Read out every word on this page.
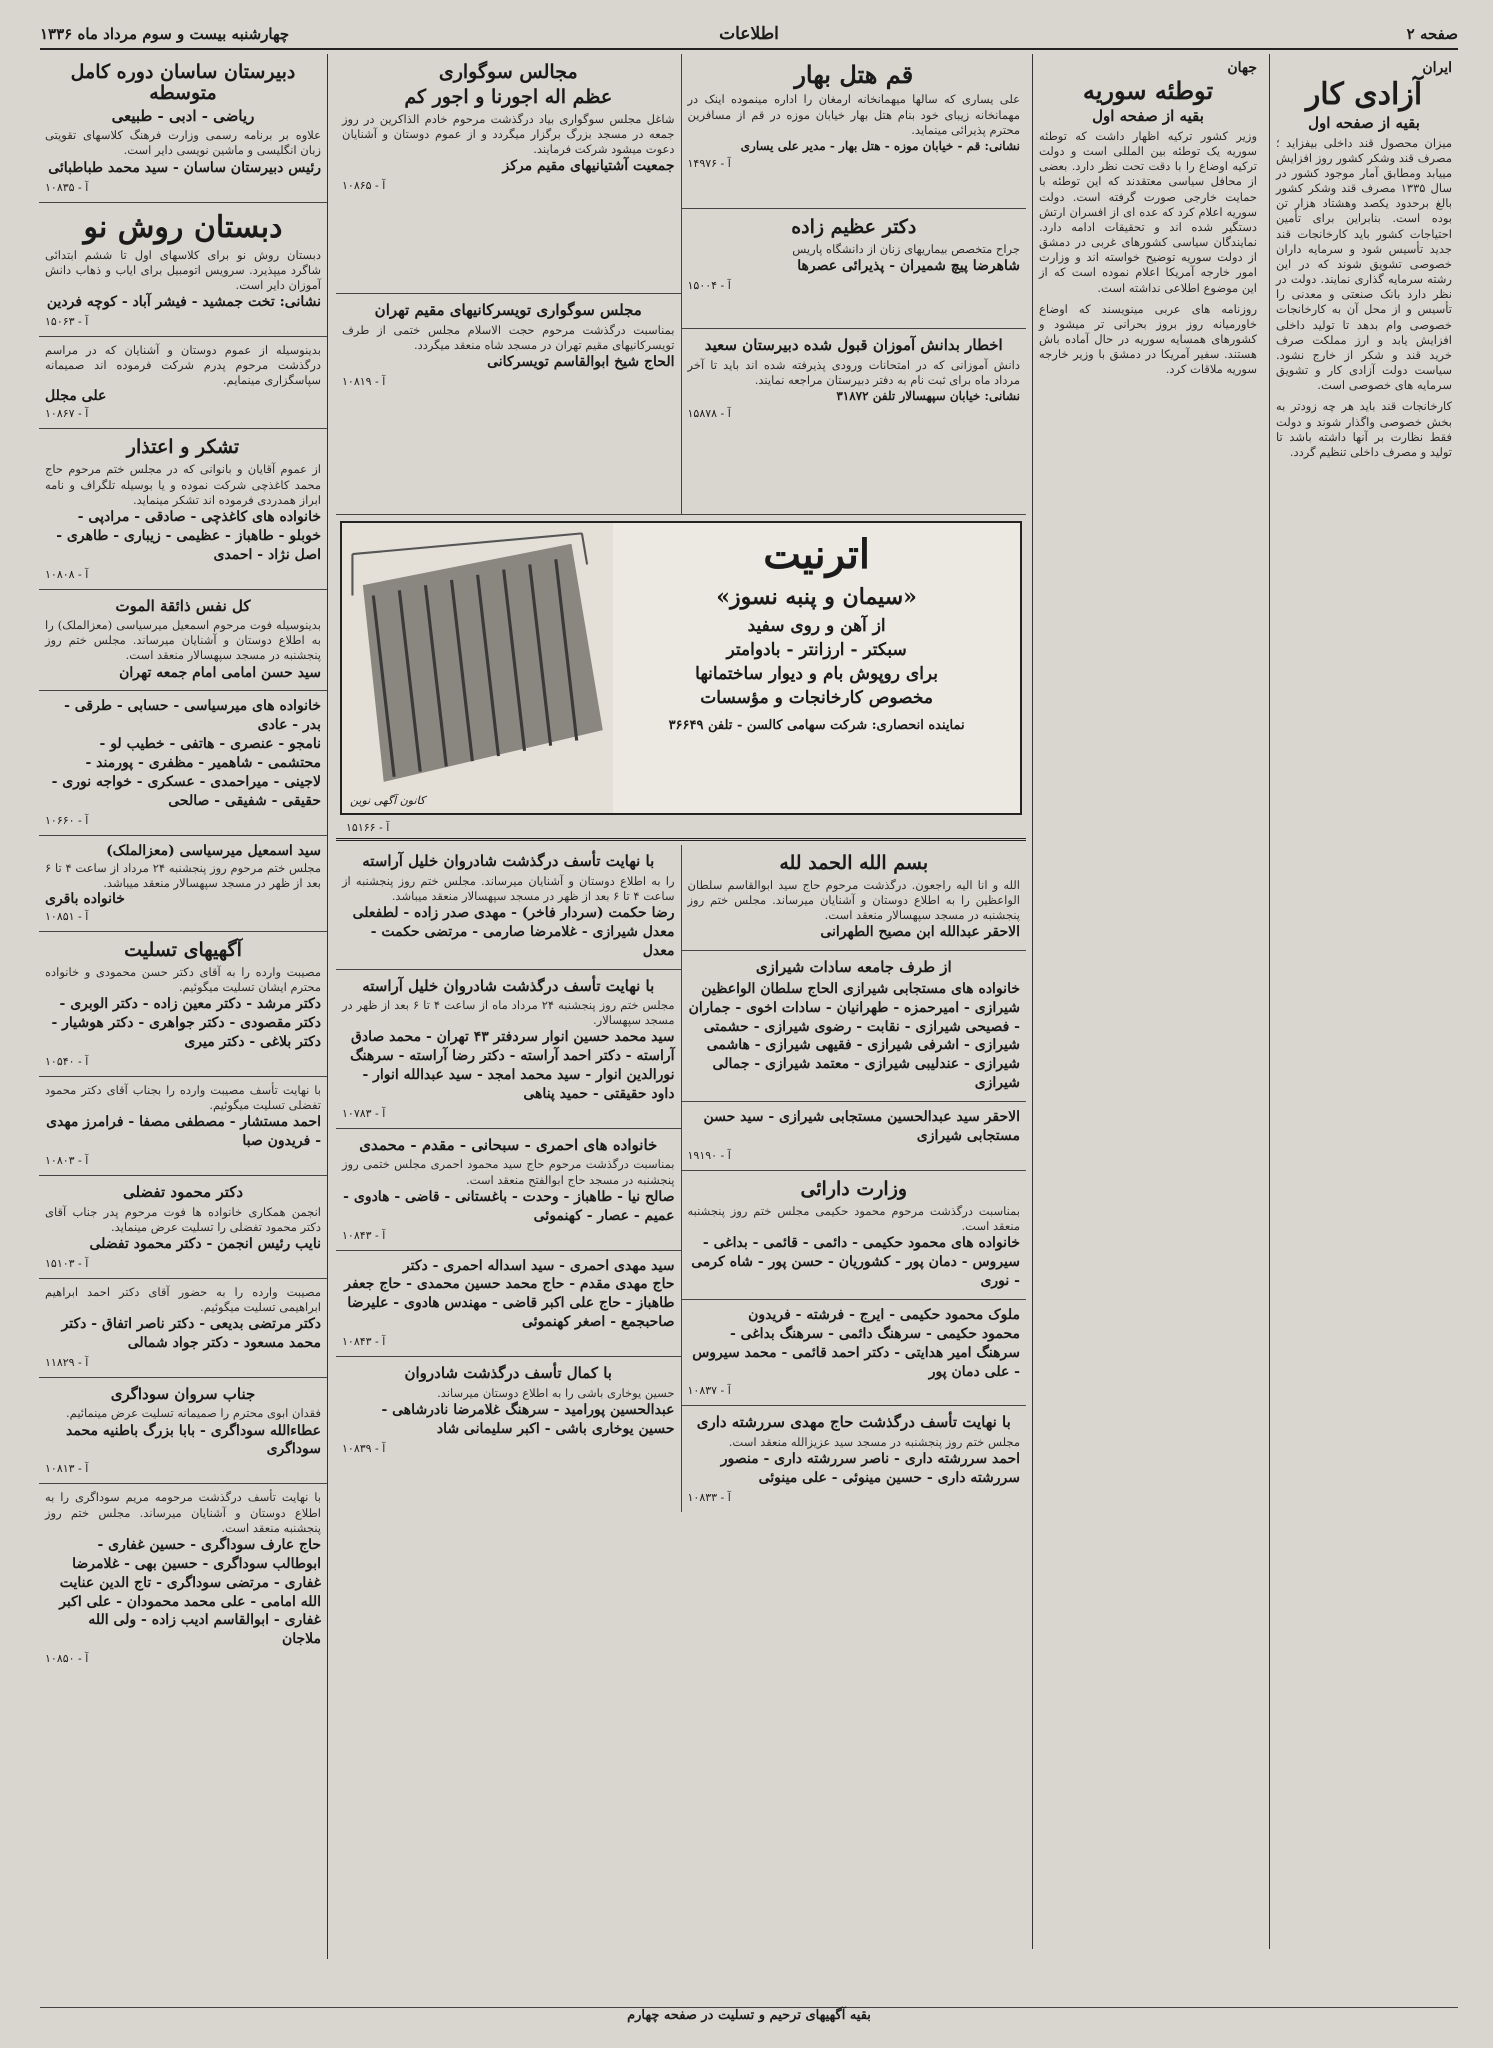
صفحه ۲
اطلاعات
چهارشنبه بیست و سوم مرداد ماه ۱۳۳۶
ایران
آزادی کار
بقیه از صفحه اول
میزان محصول قند داخلی بیفزاید ؛ مصرف قند وشکر کشور روز افزایش مییابد ومطابق آمار موجود کشور در سال ۱۳۳۵ مصرف قند وشکر کشور بالغ برحدود یکصد وهشتاد هزار تن بوده است. بنابراین برای تأمین احتیاجات کشور باید کارخانجات قند جدید تأسیس شود و سرمایه داران خصوصی تشویق شوند که در این رشته سرمایه گذاری نمایند. دولت در نظر دارد بانک صنعتی و معدنی را تأسیس و از محل آن به کارخانجات خصوصی وام بدهد تا تولید داخلی افزایش یابد و ارز مملکت صرف خرید قند و شکر از خارج نشود. سیاست دولت آزادی کار و تشویق سرمایه های خصوصی است.
کارخانجات قند باید هر چه زودتر به بخش خصوصی واگذار شوند و دولت فقط نظارت بر آنها داشته باشد تا تولید و مصرف داخلی تنظیم گردد.
جهان
توطئه سوریه
بقیه از صفحه اول
وزیر کشور ترکیه اظهار داشت که توطئه سوریه یک توطئه بین المللی است و دولت ترکیه اوضاع را با دقت تحت نظر دارد. بعضی از محافل سیاسی معتقدند که این توطئه با حمایت خارجی صورت گرفته است. دولت سوریه اعلام کرد که عده ای از افسران ارتش دستگیر شده اند و تحقیقات ادامه دارد. نمایندگان سیاسی کشورهای غربی در دمشق از دولت سوریه توضیح خواسته اند و وزارت امور خارجه آمریکا اعلام نموده است که از این موضوع اطلاعی نداشته است.
روزنامه های عربی مینویسند که اوضاع خاورمیانه روز بروز بحرانی تر میشود و کشورهای همسایه سوریه در حال آماده باش هستند. سفیر آمریکا در دمشق با وزیر خارجه سوریه ملاقات کرد.
قم هتل بهار
علی یساری که سالها میهمانخانه ارمغان را اداره مینموده اینک در مهمانخانه زیبای خود بنام هتل بهار خیابان موزه در قم از مسافرین محترم پذیرائی مینماید.
نشانی: قم - خیابان موزه - هتل بهار - مدیر علی یساری
آ - ۱۴۹۷۶
دکتر عظیم زاده
جراح متخصص بیماریهای زنان از دانشگاه پاریس
شاهرضا پیچ شمیران - پذیرائی عصرها
آ - ۱۵۰۰۴
اخطار بدانش آموزان قبول شده دبیرستان سعید
دانش آموزانی که در امتحانات ورودی پذیرفته شده اند باید تا آخر مرداد ماه برای ثبت نام به دفتر دبیرستان مراجعه نمایند.
نشانی: خیابان سپهسالار تلفن ۳۱۸۷۲
آ - ۱۵۸۷۸
مجالس سوگواری
عظم اله اجورنا و اجور کم
شاغل مجلس سوگواری بیاد درگذشت مرحوم خادم الذاکرین در روز جمعه در مسجد بزرگ برگزار میگردد و از عموم دوستان و آشنایان دعوت میشود شرکت فرمایند.
جمعیت آشتیانیهای مقیم مرکز
آ - ۱۰۸۶۵
مجلس سوگواری تویسرکانیهای مقیم تهران
بمناسبت درگذشت مرحوم حجت الاسلام مجلس ختمی از طرف تویسرکانیهای مقیم تهران در مسجد شاه منعقد میگردد.
الحاج شیخ ابوالقاسم تویسرکانی
آ - ۱۰۸۱۹
اترنیت
«سیمان و پنبه نسوز»
از آهن و روی سفید
سبکتر - ارزانتر - بادوامتر
برای روپوش بام و دیوار ساختمانها
مخصوص کارخانجات و مؤسسات
نماینده انحصاری: شرکت سهامی کالسن - تلفن ۳۶۶۴۹
کانون آگهی نوین
آ - ۱۵۱۶۶
بسم الله الحمد لله
الله و انا الیه راجعون. درگذشت مرحوم حاج سید ابوالقاسم سلطان الواعظین را به اطلاع دوستان و آشنایان میرساند. مجلس ختم روز پنجشنبه در مسجد سپهسالار منعقد است.
الاحقر عبدالله ابن مصیح الطهرانی
از طرف جامعه سادات شیرازی
خانواده های مستجابی شیرازی الحاج سلطان الواعظین شیرازی - امیرحمزه - طهرانیان - سادات اخوی - جماران - فصیحی شیرازی - نقابت - رضوی شیرازی - حشمتی شیرازی - اشرفی شیرازی - فقیهی شیرازی - هاشمی شیرازی - عندلیبی شیرازی - معتمد شیرازی - جمالی شیرازی
الاحقر سید عبدالحسین مستجابی شیرازی - سید حسن مستجابی شیرازی
آ - ۱۹۱۹۰
وزارت دارائی
بمناسبت درگذشت مرحوم محمود حکیمی مجلس ختم روز پنجشنبه منعقد است.
خانواده های محمود حکیمی - دائمی - قائمی - بداغی - سیروس - دمان پور - کشوریان - حسن پور - شاه کرمی - نوری
ملوک محمود حکیمی - ایرج - فرشته - فریدون
محمود حکیمی - سرهنگ دائمی - سرهنگ بداغی - سرهنگ امیر هدایتی - دکتر احمد قائمی - محمد سیروس - علی دمان پور
آ - ۱۰۸۳۷
با نهایت تأسف درگذشت حاج مهدی سررشته داری
مجلس ختم روز پنجشنبه در مسجد سید عزیزالله منعقد است.
احمد سررشته داری - ناصر سررشته داری - منصور سررشته داری - حسین مینوئی - علی مینوئی
آ - ۱۰۸۳۳
با نهایت تأسف درگذشت شادروان خلیل آراسته
را به اطلاع دوستان و آشنایان میرساند. مجلس ختم روز پنجشنبه از ساعت ۴ تا ۶ بعد از ظهر در مسجد سپهسالار منعقد میباشد.
رضا حکمت (سردار فاخر) - مهدی صدر زاده - لطفعلی معدل شیرازی - غلامرضا صارمی - مرتضی حکمت - معدل
با نهایت تأسف درگذشت شادروان خلیل آراسته
مجلس ختم روز پنجشنبه ۲۴ مرداد ماه از ساعت ۴ تا ۶ بعد از ظهر در مسجد سپهسالار.
سید محمد حسین انوار سردفتر ۴۳ تهران - محمد صادق آراسته - دکتر احمد آراسته - دکتر رضا آراسته - سرهنگ نورالدین انوار - سید محمد امجد - سید عبدالله انوار - داود حقیقتی - حمید پناهی
آ - ۱۰۷۸۳
خانواده های احمری - سبحانی - مقدم - محمدی
بمناسبت درگذشت مرحوم حاج سید محمود احمری مجلس ختمی روز پنجشنبه در مسجد حاج ابوالفتح منعقد است.
صالح نیا - طاهباز - وحدت - باغستانی - قاضی - هادوی - عمیم - عصار - کهنموئی
آ - ۱۰۸۴۳
سید مهدی احمری - سید اسداله احمری - دکتر
حاج مهدی مقدم - حاج محمد حسین محمدی - حاج جعفر طاهباز - حاج علی اکبر قاضی - مهندس هادوی - علیرضا صاحبجمع - اصغر کهنموئی
آ - ۱۰۸۴۳
با کمال تأسف درگذشت شادروان
حسین یوخاری باشی را به اطلاع دوستان میرساند.
عبدالحسین پورامید - سرهنگ غلامرضا نادرشاهی - حسین یوخاری باشی - اکبر سلیمانی شاد
آ - ۱۰۸۳۹
دبیرستان ساسان دوره کامل متوسطه
ریاضی - ادبی - طبیعی
علاوه بر برنامه رسمی وزارت فرهنگ کلاسهای تقویتی زبان انگلیسی و ماشین نویسی دایر است.
رئیس دبیرستان ساسان - سید محمد طباطبائی
آ - ۱۰۸۳۵
دبستان روش نو
دبستان روش نو برای کلاسهای اول تا ششم ابتدائی شاگرد میپذیرد. سرویس اتومبیل برای ایاب و ذهاب دانش آموزان دایر است.
نشانی: تخت جمشید - فیشر آباد - کوچه فردین
آ - ۱۵۰۶۳
بدینوسیله از عموم دوستان و آشنایان که در مراسم درگذشت مرحوم پدرم شرکت فرموده اند صمیمانه سپاسگزاری مینمایم.
علی مجلل
آ - ۱۰۸۶۷
تشکر و اعتذار
از عموم آقایان و بانوانی که در مجلس ختم مرحوم حاج محمد کاغذچی شرکت نموده و یا بوسیله تلگراف و نامه ابراز همدردی فرموده اند تشکر مینماید.
خانواده های کاغذچی - صادقی - مرادپی - خوبلو - طاهباز - عظیمی - زیباری - طاهری - اصل نژاد - احمدی
آ - ۱۰۸۰۸
کل نفس ذائقة الموت
بدینوسیله فوت مرحوم اسمعیل میرسیاسی (معزالملک) را به اطلاع دوستان و آشنایان میرساند. مجلس ختم روز پنجشنبه در مسجد سپهسالار منعقد است.
سید حسن امامی امام جمعه تهران
خانواده های میرسیاسی - حسابی - طرقی - بدر - عادی
نامجو - عنصری - هاتفی - خطیب لو - محتشمی - شاهمیر - مظفری - پورمند - لاجینی - میراحمدی - عسکری - خواجه نوری - حقیقی - شفیقی - صالحی
آ - ۱۰۶۶۰
سید اسمعیل میرسیاسی (معزالملک)
مجلس ختم مرحوم روز پنجشنبه ۲۴ مرداد از ساعت ۴ تا ۶ بعد از ظهر در مسجد سپهسالار منعقد میباشد.
خانواده باقری
آ - ۱۰۸۵۱
آگهیهای تسلیت
مصیبت وارده را به آقای دکتر حسن محمودی و خانواده محترم ایشان تسلیت میگوئیم.
دکتر مرشد - دکتر معین زاده - دکتر الوبری - دکتر مقصودی - دکتر جواهری - دکتر هوشیار - دکتر بلاغی - دکتر میری
آ - ۱۰۵۴۰
با نهایت تأسف مصیبت وارده را بجناب آقای دکتر محمود تفضلی تسلیت میگوئیم.
احمد مستشار - مصطفی مصفا - فرامرز مهدی - فریدون صبا
آ - ۱۰۸۰۳
دکتر محمود تفضلی
انجمن همکاری خانواده ها فوت مرحوم پدر جناب آقای دکتر محمود تفضلی را تسلیت عرض مینماید.
نایب رئیس انجمن - دکتر محمود تفضلی
آ - ۱۵۱۰۳
مصیبت وارده را به حضور آقای دکتر احمد ابراهیم ابراهیمی تسلیت میگوئیم.
دکتر مرتضی بدیعی - دکتر ناصر اتفاق - دکتر محمد مسعود - دکتر جواد شمالی
آ - ۱۱۸۲۹
جناب سروان سوداگری
فقدان ابوی محترم را صمیمانه تسلیت عرض مینمائیم.
عطاءالله سوداگری - بابا بزرگ باطنیه محمد سوداگری
آ - ۱۰۸۱۳
با نهایت تأسف درگذشت مرحومه مریم سوداگری را به اطلاع دوستان و آشنایان میرساند. مجلس ختم روز پنجشنبه منعقد است.
حاج عارف سوداگری - حسین غفاری - ابوطالب سوداگری - حسین بهی - غلامرضا غفاری - مرتضی سوداگری - تاج الدین عنایت الله امامی - علی محمد محمودان - علی اکبر غفاری - ابوالقاسم ادیب زاده - ولی الله ملاجان
آ - ۱۰۸۵۰
بقیه آگهیهای ترحیم و تسلیت در صفحه چهارم
